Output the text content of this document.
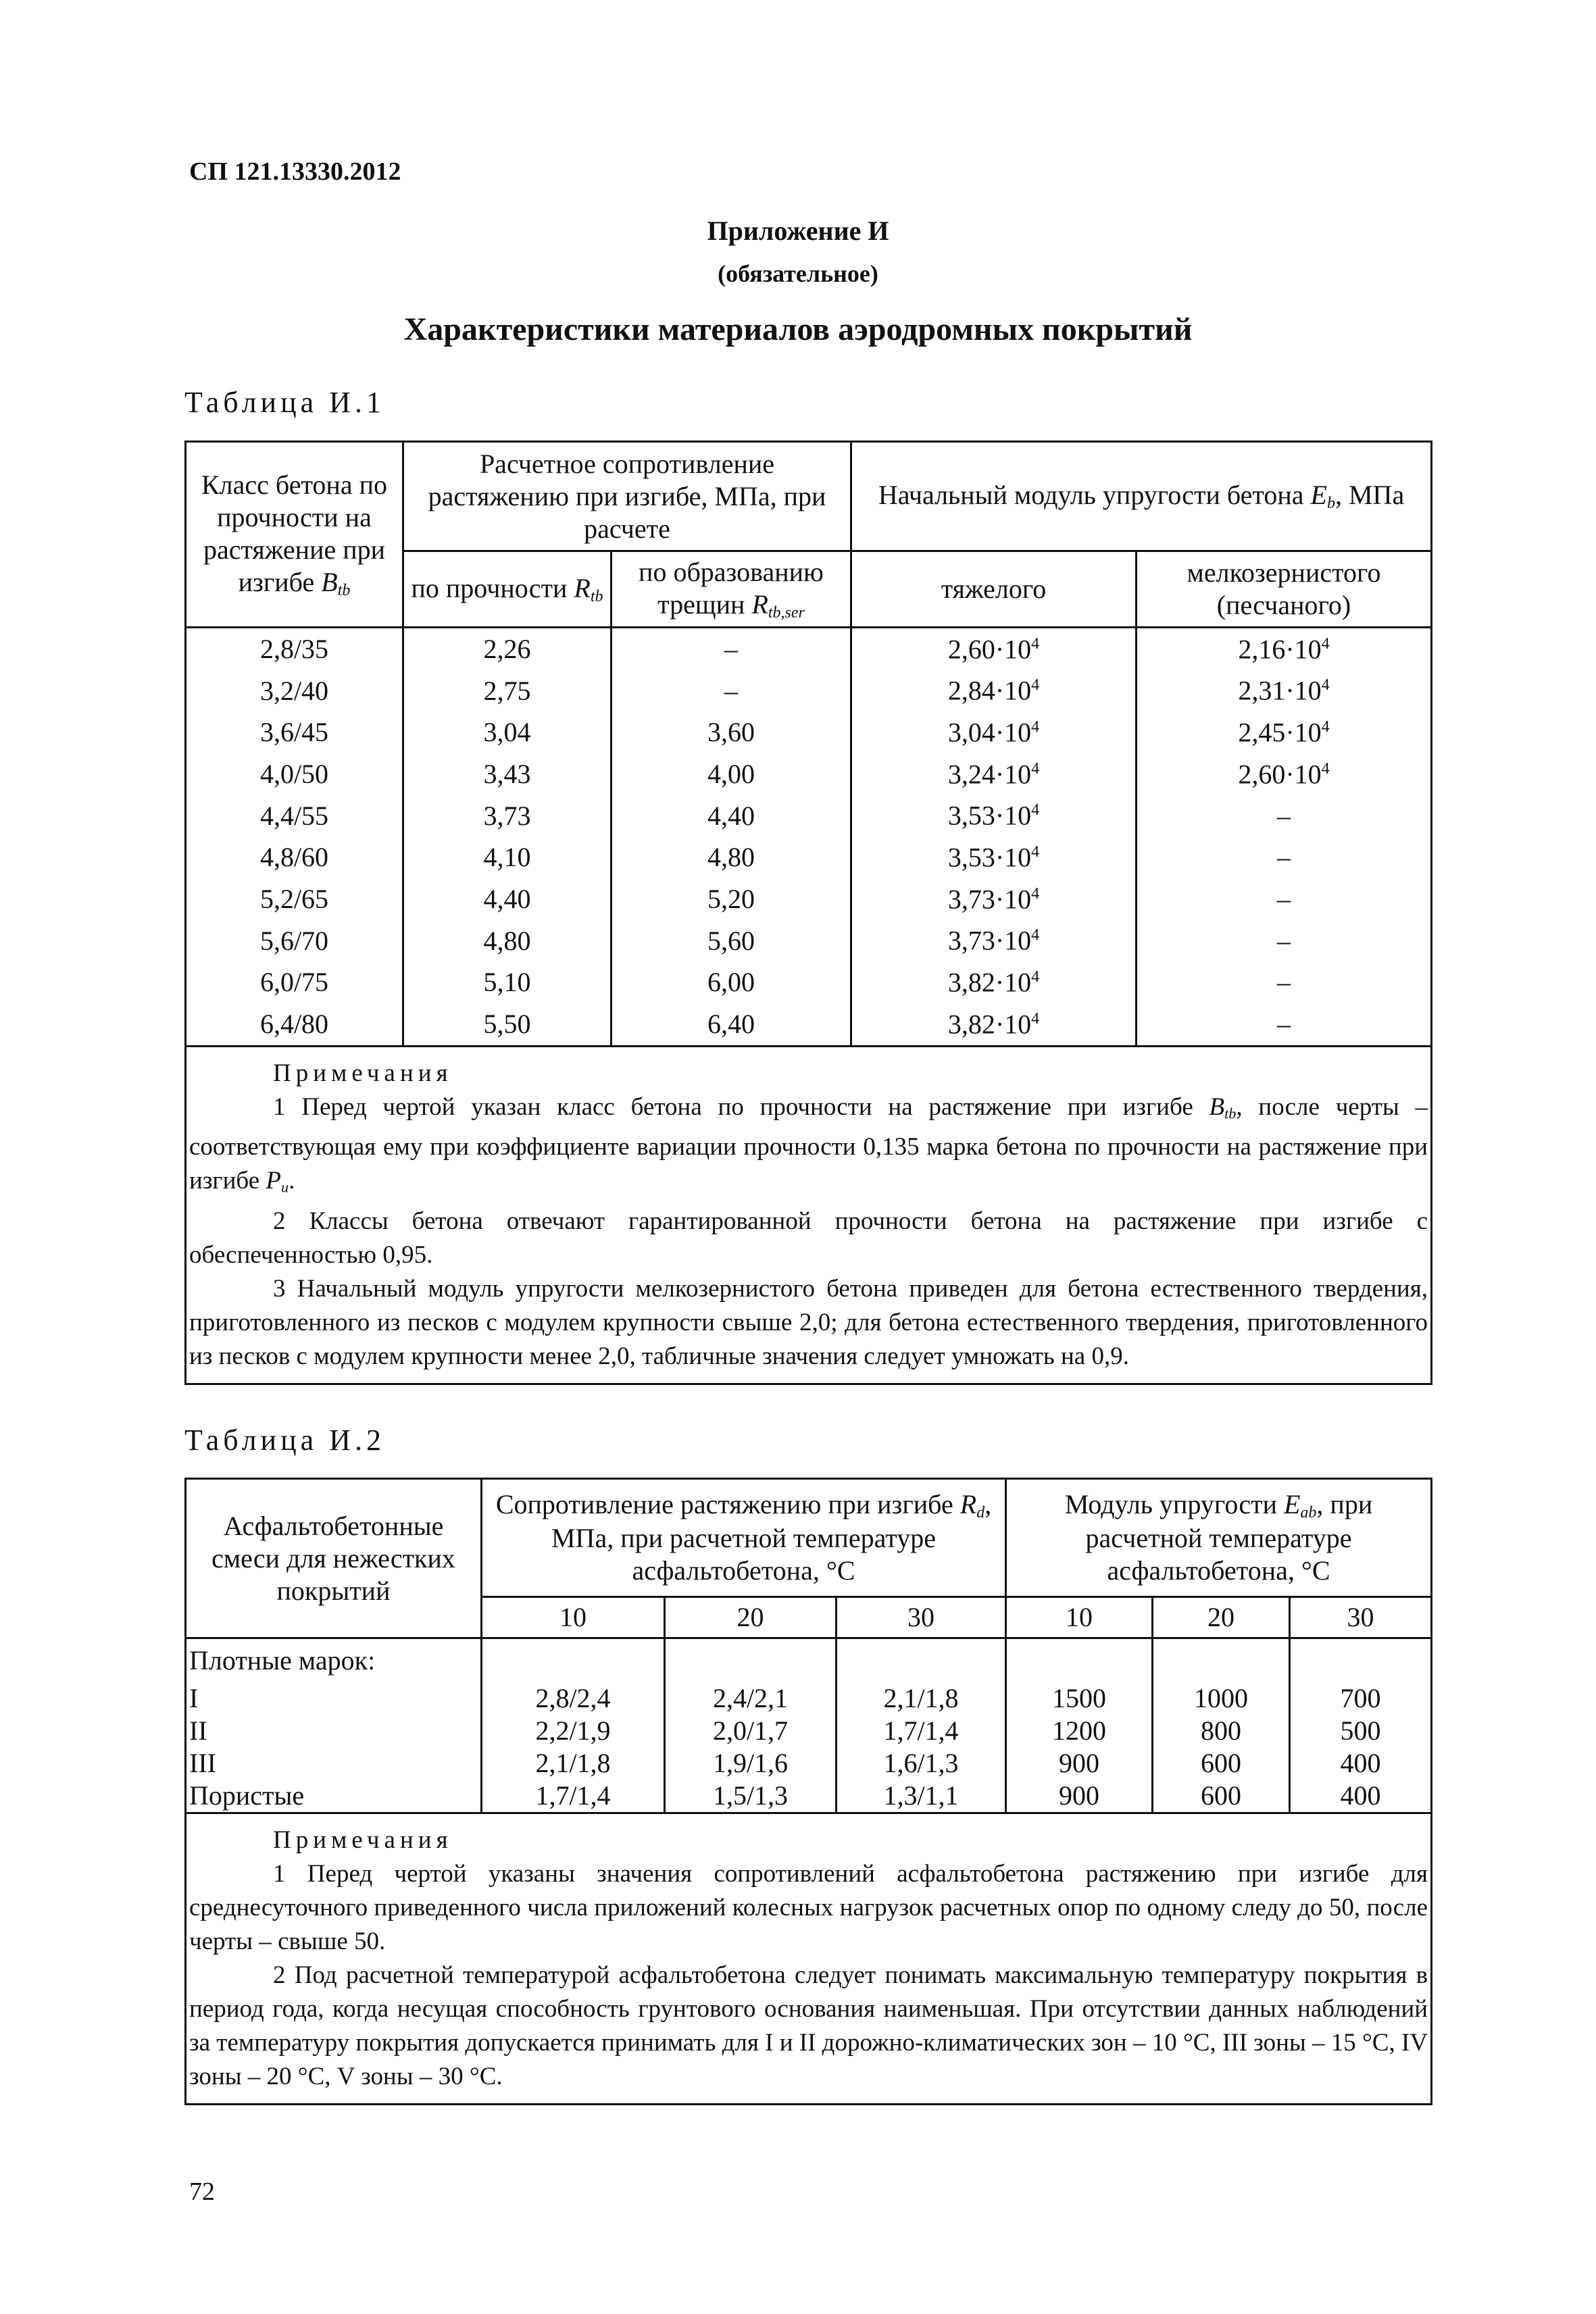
СП 121.13330.2012
Приложение И
(обязательное)
Характеристики материалов аэродромных покрытий
Таблица И.1
Класс бетона по прочности на растяжение при изгибе $B_{tb}$	Расчетное сопротивление растяжению при изгибе, МПа, при расчете		Начальный модуль упругости бетона $E_b$, МПа	
	по прочности $R_{tb}$	по образованию трещин $R_{tb,ser}$	тяжелого	мелкозернистого (песчаного)
2,8/35	2,26	–	$2,60\cdot 10^4$	$2,16\cdot 10^4$
3,2/40	2,75	–	$2,84\cdot 10^4$	$2,31\cdot 10^4$
3,6/45	3,04	3,60	$3,04\cdot 10^4$	$2,45\cdot 10^4$
4,0/50	3,43	4,00	$3,24\cdot 10^4$	$2,60\cdot 10^4$
4,4/55	3,73	4,40	$3,53\cdot 10^4$	–
4,8/60	4,10	4,80	$3,53\cdot 10^4$	–
5,2/65	4,40	5,20	$3,73\cdot 10^4$	–
5,6/70	4,80	5,60	$3,73\cdot 10^4$	–
6,0/75	5,10	6,00	$3,82\cdot 10^4$	–
6,4/80	5,50	6,40	$3,82\cdot 10^4$	–

Примечания

1 Перед чертой указан класс бетона по прочности на растяжение при изгибе $B_{tb}$, после черты – соответствующая ему при коэффициенте вариации прочности 0,135 марка бетона по прочности на растяжение при изгибе $P_u$.

2 Классы бетона отвечают гарантированной прочности бетона на растяжение при изгибе с обеспеченностью 0,95.

3 Начальный модуль упругости мелкозернистого бетона приведен для бетона естественного твердения, приготовленного из песков с модулем крупности свыше 2,0; для бетона естественного твердения, приготовленного из песков с модулем крупности менее 2,0, табличные значения следует умножать на 0,9.				

Таблица И.2
Асфальтобетонные смеси для нежестких покрытий	Сопротивление растяжению при изгибе $R_d$, МПа, при расчетной температуре асфальтобетона, °С			Модуль упругости $E_{ab}$, при расчетной температуре асфальтобетона, °С		
	10	20	30	10	20	30
Плотные марок:						
I	2,8/2,4	2,4/2,1	2,1/1,8	1500	1000	700
II	2,2/1,9	2,0/1,7	1,7/1,4	1200	800	500
III	2,1/1,8	1,9/1,6	1,6/1,3	900	600	400
Пористые	1,7/1,4	1,5/1,3	1,3/1,1	900	600	400

Примечания

1 Перед чертой указаны значения сопротивлений асфальтобетона растяжению при изгибе для среднесуточного приведенного числа приложений колесных нагрузок расчетных опор по одному следу до 50, после черты – свыше 50.

2 Под расчетной температурой асфальтобетона следует понимать максимальную температуру покрытия в период года, когда несущая способность грунтового основания наименьшая. При отсутствии данных наблюдений за температуру покрытия допускается принимать для I и II дорожно-климатических зон – 10 °С, III зоны – 15 °С, IV зоны – 20 °С, V зоны – 30 °С.						

72
